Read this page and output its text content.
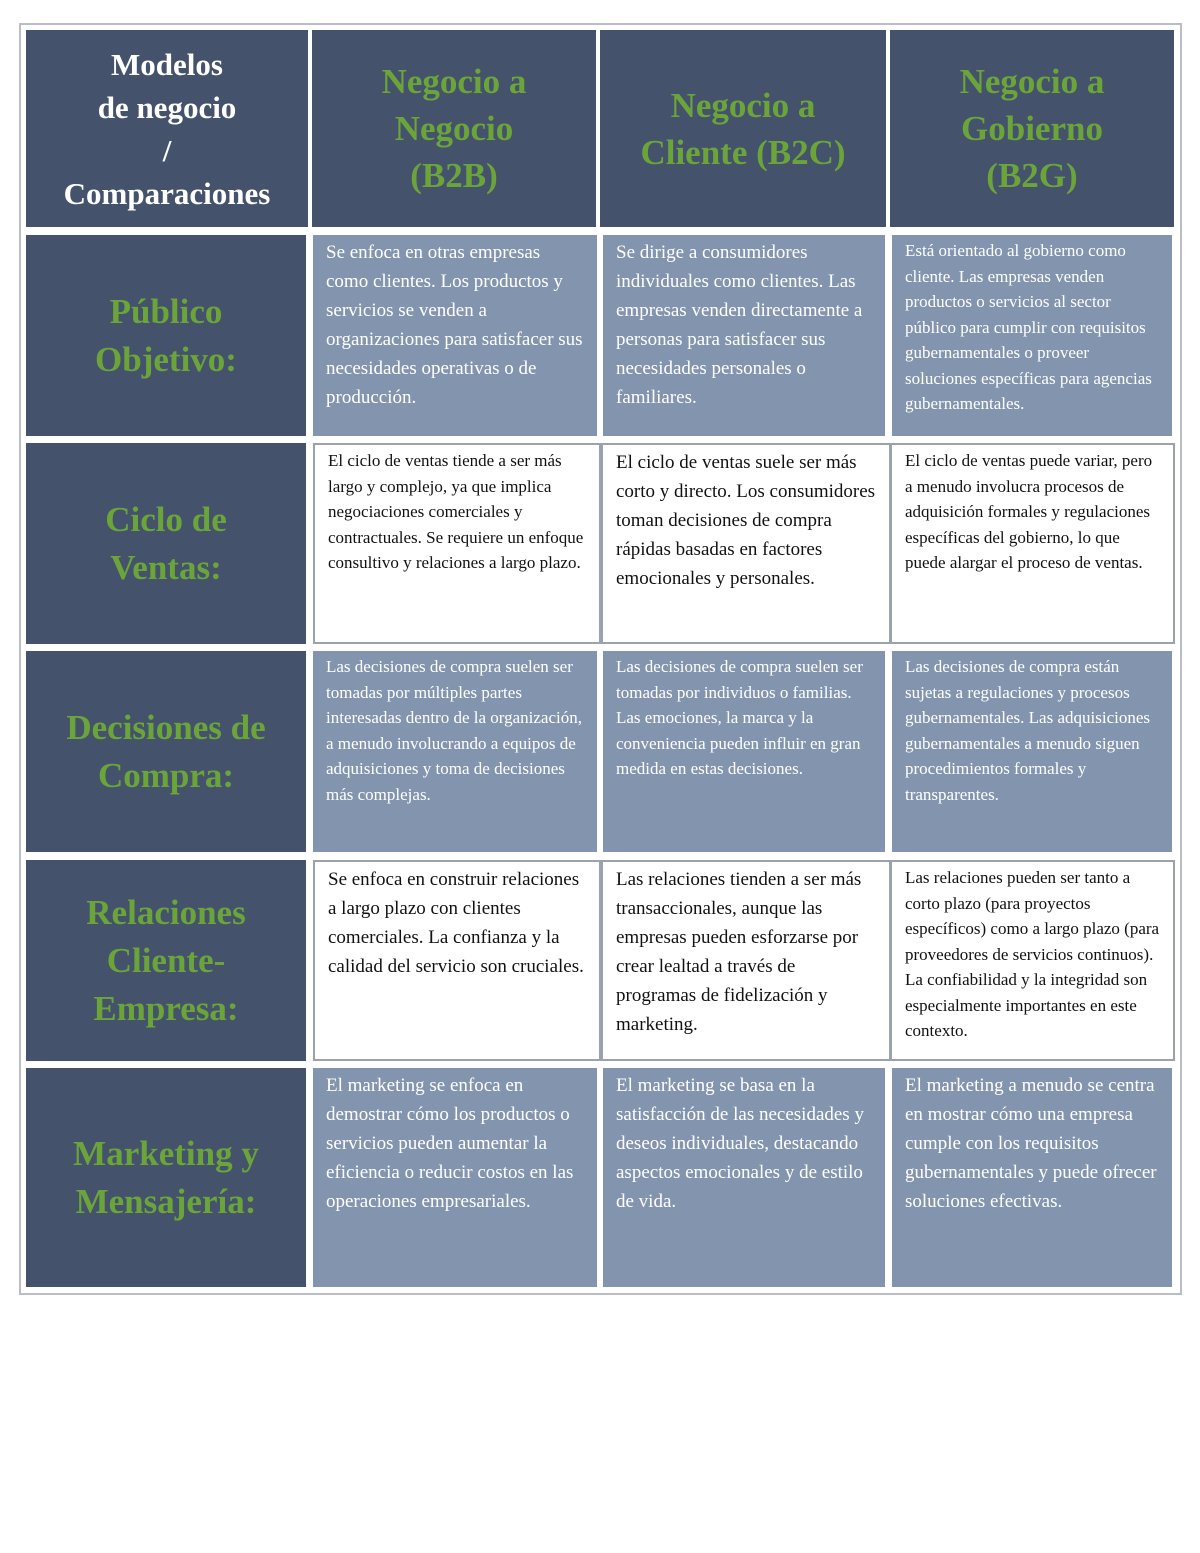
Modelos
de negocio
/
Comparaciones
Negocio a
Negocio
(B2B)
Negocio a
Cliente (B2C)
Negocio a
Gobierno
(B2G)
Público
Objetivo:
Se enfoca en otras empresas como clientes. Los productos y servicios se venden a organizaciones para satisfacer sus necesidades operativas o de producción.
Se dirige a consumidores individuales como clientes. Las empresas venden directamente a personas para satisfacer sus necesidades personales o familiares.
Está orientado al gobierno como cliente. Las empresas venden productos o servicios al sector público para cumplir con requisitos gubernamentales o proveer soluciones específicas para agencias gubernamentales.
Ciclo de
Ventas:
El ciclo de ventas tiende a ser más largo y complejo, ya que implica negociaciones comerciales y contractuales. Se requiere un enfoque consultivo y relaciones a largo plazo.
El ciclo de ventas suele ser más corto y directo. Los consumidores toman decisiones de compra rápidas basadas en factores emocionales y personales.
El ciclo de ventas puede variar, pero a menudo involucra procesos de adquisición formales y regulaciones específicas del gobierno, lo que puede alargar el proceso de ventas.
Decisiones de
Compra:
Las decisiones de compra suelen ser tomadas por múltiples partes interesadas dentro de la organización, a menudo involucrando a equipos de adquisiciones y toma de decisiones más complejas.
Las decisiones de compra suelen ser tomadas por individuos o familias. Las emociones, la marca y la conveniencia pueden influir en gran medida en estas decisiones.
Las decisiones de compra están sujetas a regulaciones y procesos gubernamentales. Las adquisiciones gubernamentales a menudo siguen procedimientos formales y transparentes.
Relaciones
Cliente-
Empresa:
Se enfoca en construir relaciones a largo plazo con clientes comerciales. La confianza y la calidad del servicio son cruciales.
Las relaciones tienden a ser más transaccionales, aunque las empresas pueden esforzarse por crear lealtad a través de programas de fidelización y marketing.
Las relaciones pueden ser tanto a corto plazo (para proyectos específicos) como a largo plazo (para proveedores de servicios continuos). La confiabilidad y la integridad son especialmente importantes en este contexto.
Marketing y
Mensajería:
El marketing se enfoca en demostrar cómo los productos o servicios pueden aumentar la eficiencia o reducir costos en las operaciones empresariales.
El marketing se basa en la satisfacción de las necesidades y deseos individuales, destacando aspectos emocionales y de estilo de vida.
El marketing a menudo se centra en mostrar cómo una empresa cumple con los requisitos gubernamentales y puede ofrecer soluciones efectivas.
